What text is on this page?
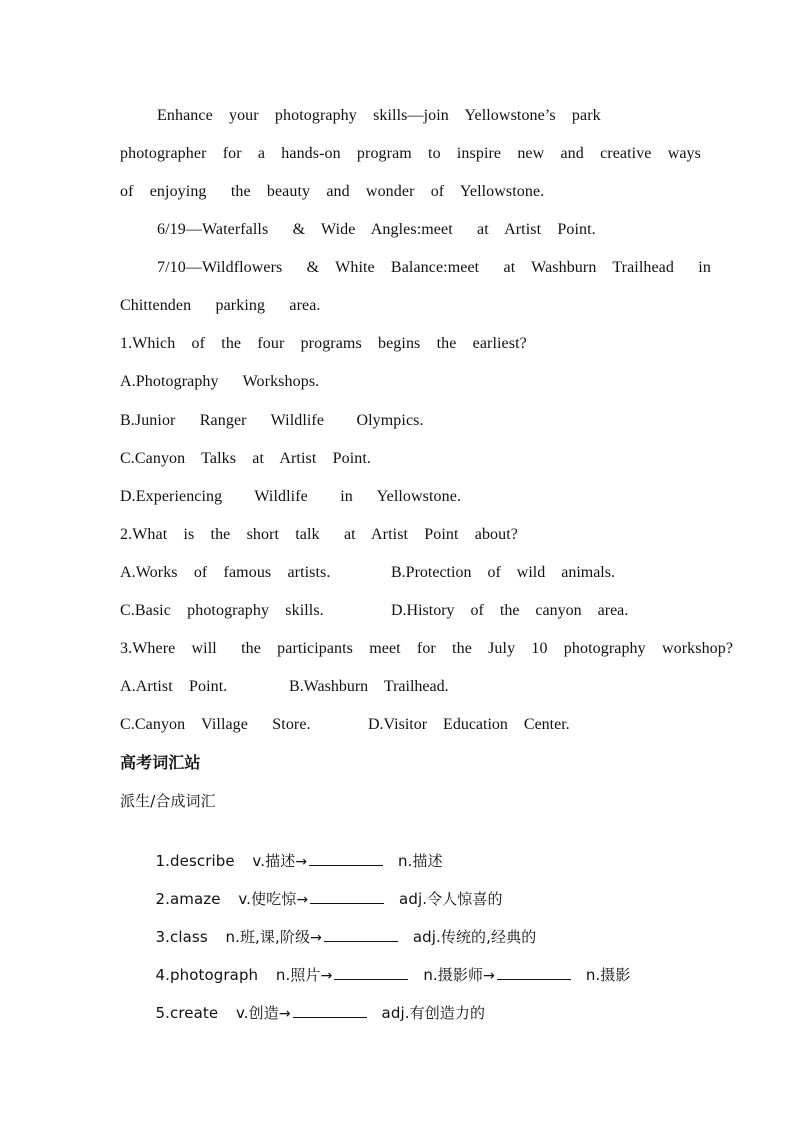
Enhance  your  photography  skills—join  Yellowstone’s  park
photographer  for  a  hands-on  program  to  inspire  new  and  creative  ways
of  enjoying   the  beauty  and  wonder  of  Yellowstone.
6/19—Waterfalls   &  Wide  Angles:meet   at  Artist  Point.
7/10—Wildflowers   &  White  Balance:meet   at  Washburn  Trailhead   in
Chittenden   parking   area.
1.Which  of  the  four  programs  begins  the  earliest?
A.Photography   Workshops.
B.Junior   Ranger   Wildlife    Olympics.
C.Canyon  Talks  at  Artist  Point.
D.Experiencing    Wildlife    in   Yellowstone.
2.What  is  the  short  talk   at  Artist  Point  about?
A.Works  of  famous  artists.	B.Protection  of  wild  animals.
C.Basic  photography  skills.	D.History  of  the  canyon  area.
3.Where  will   the  participants  meet  for  the  July  10  photography  workshop?
A.Artist  Point.	B.Washburn  Trailhead.
C.Canyon  Village   Store.	D.Visitor  Education  Center.
高考词汇站
派生/合成词汇

1.describe  v.描述→	n.描述

2.amaze  v.使吃惊→	adj.令人惊喜的

3.class  n.班,课,阶级→	adj.传统的,经典的

4.photograph  n.照片→	n.摄影师→	n.摄影

5.create  v.创造→	adj.有创造力的
